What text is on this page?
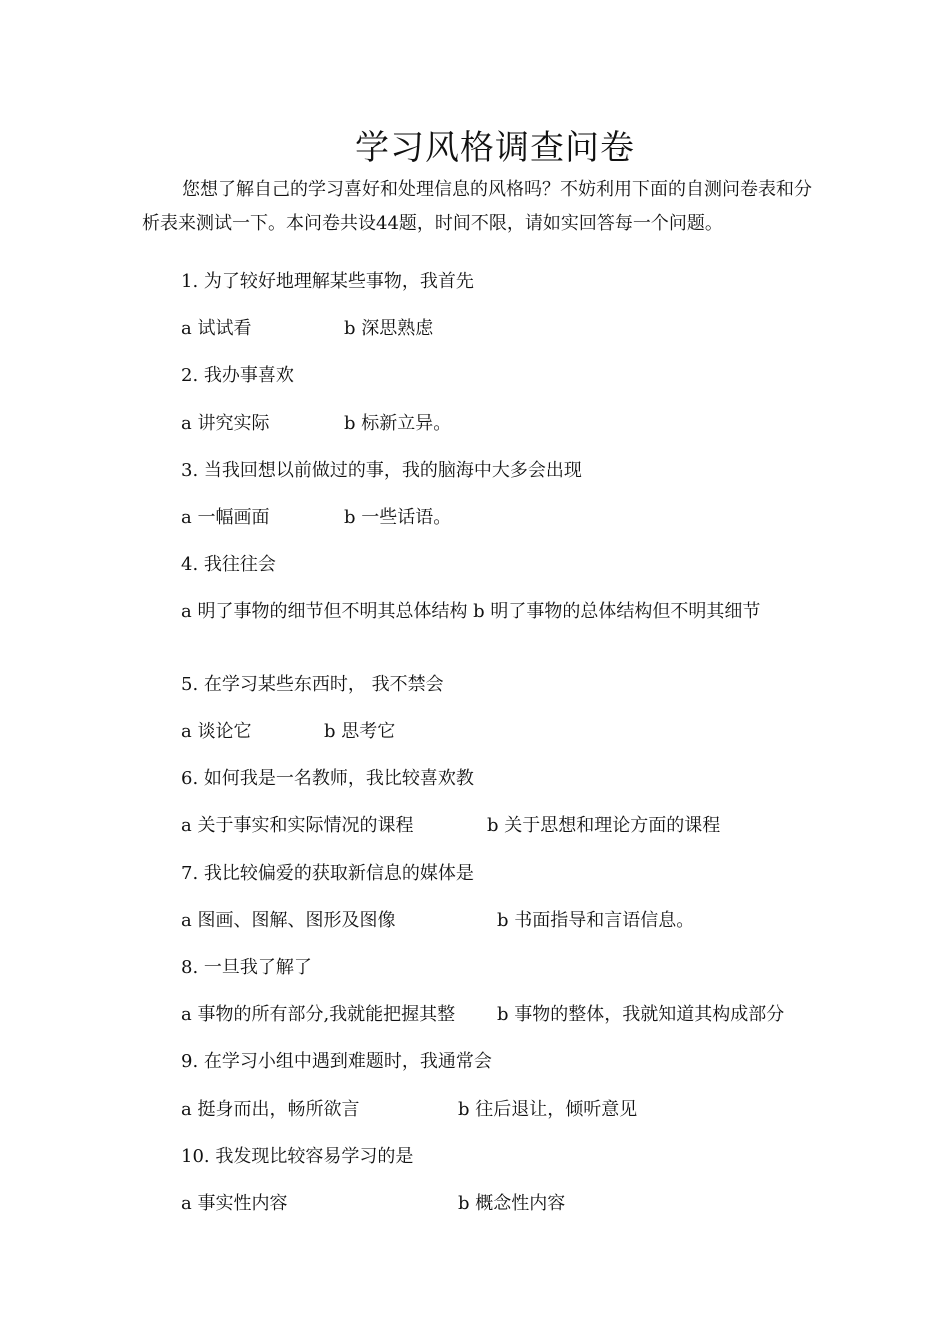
学习风格调查问卷
您想了解自己的学习喜好和处理信息的风格吗？不妨利用下面的自测问卷表和分析表来测试一下。本问卷共设44题，时间不限，请如实回答每一个问题。
1. 为了较好地理解某些事物，我首先
a 试试看	b 深思熟虑
2. 我办事喜欢
a 讲究实际	b 标新立异。
3. 当我回想以前做过的事，我的脑海中大多会出现
a 一幅画面	b 一些话语。
4. 我往往会
a 明了事物的细节但不明其总体结构 b 明了事物的总体结构但不明其细节
5. 在学习某些东西时， 我不禁会
a 谈论它	b 思考它
6. 如何我是一名教师，我比较喜欢教
a 关于事实和实际情况的课程	b 关于思想和理论方面的课程
7. 我比较偏爱的获取新信息的媒体是
a 图画、图解、图形及图像	b 书面指导和言语信息。
8. 一旦我了解了
a 事物的所有部分,我就能把握其整 b 事物的整体，我就知道其构成部分
9. 在学习小组中遇到难题时，我通常会
a 挺身而出，畅所欲言	b 往后退让，倾听意见
10. 我发现比较容易学习的是
a 事实性内容	b 概念性内容
